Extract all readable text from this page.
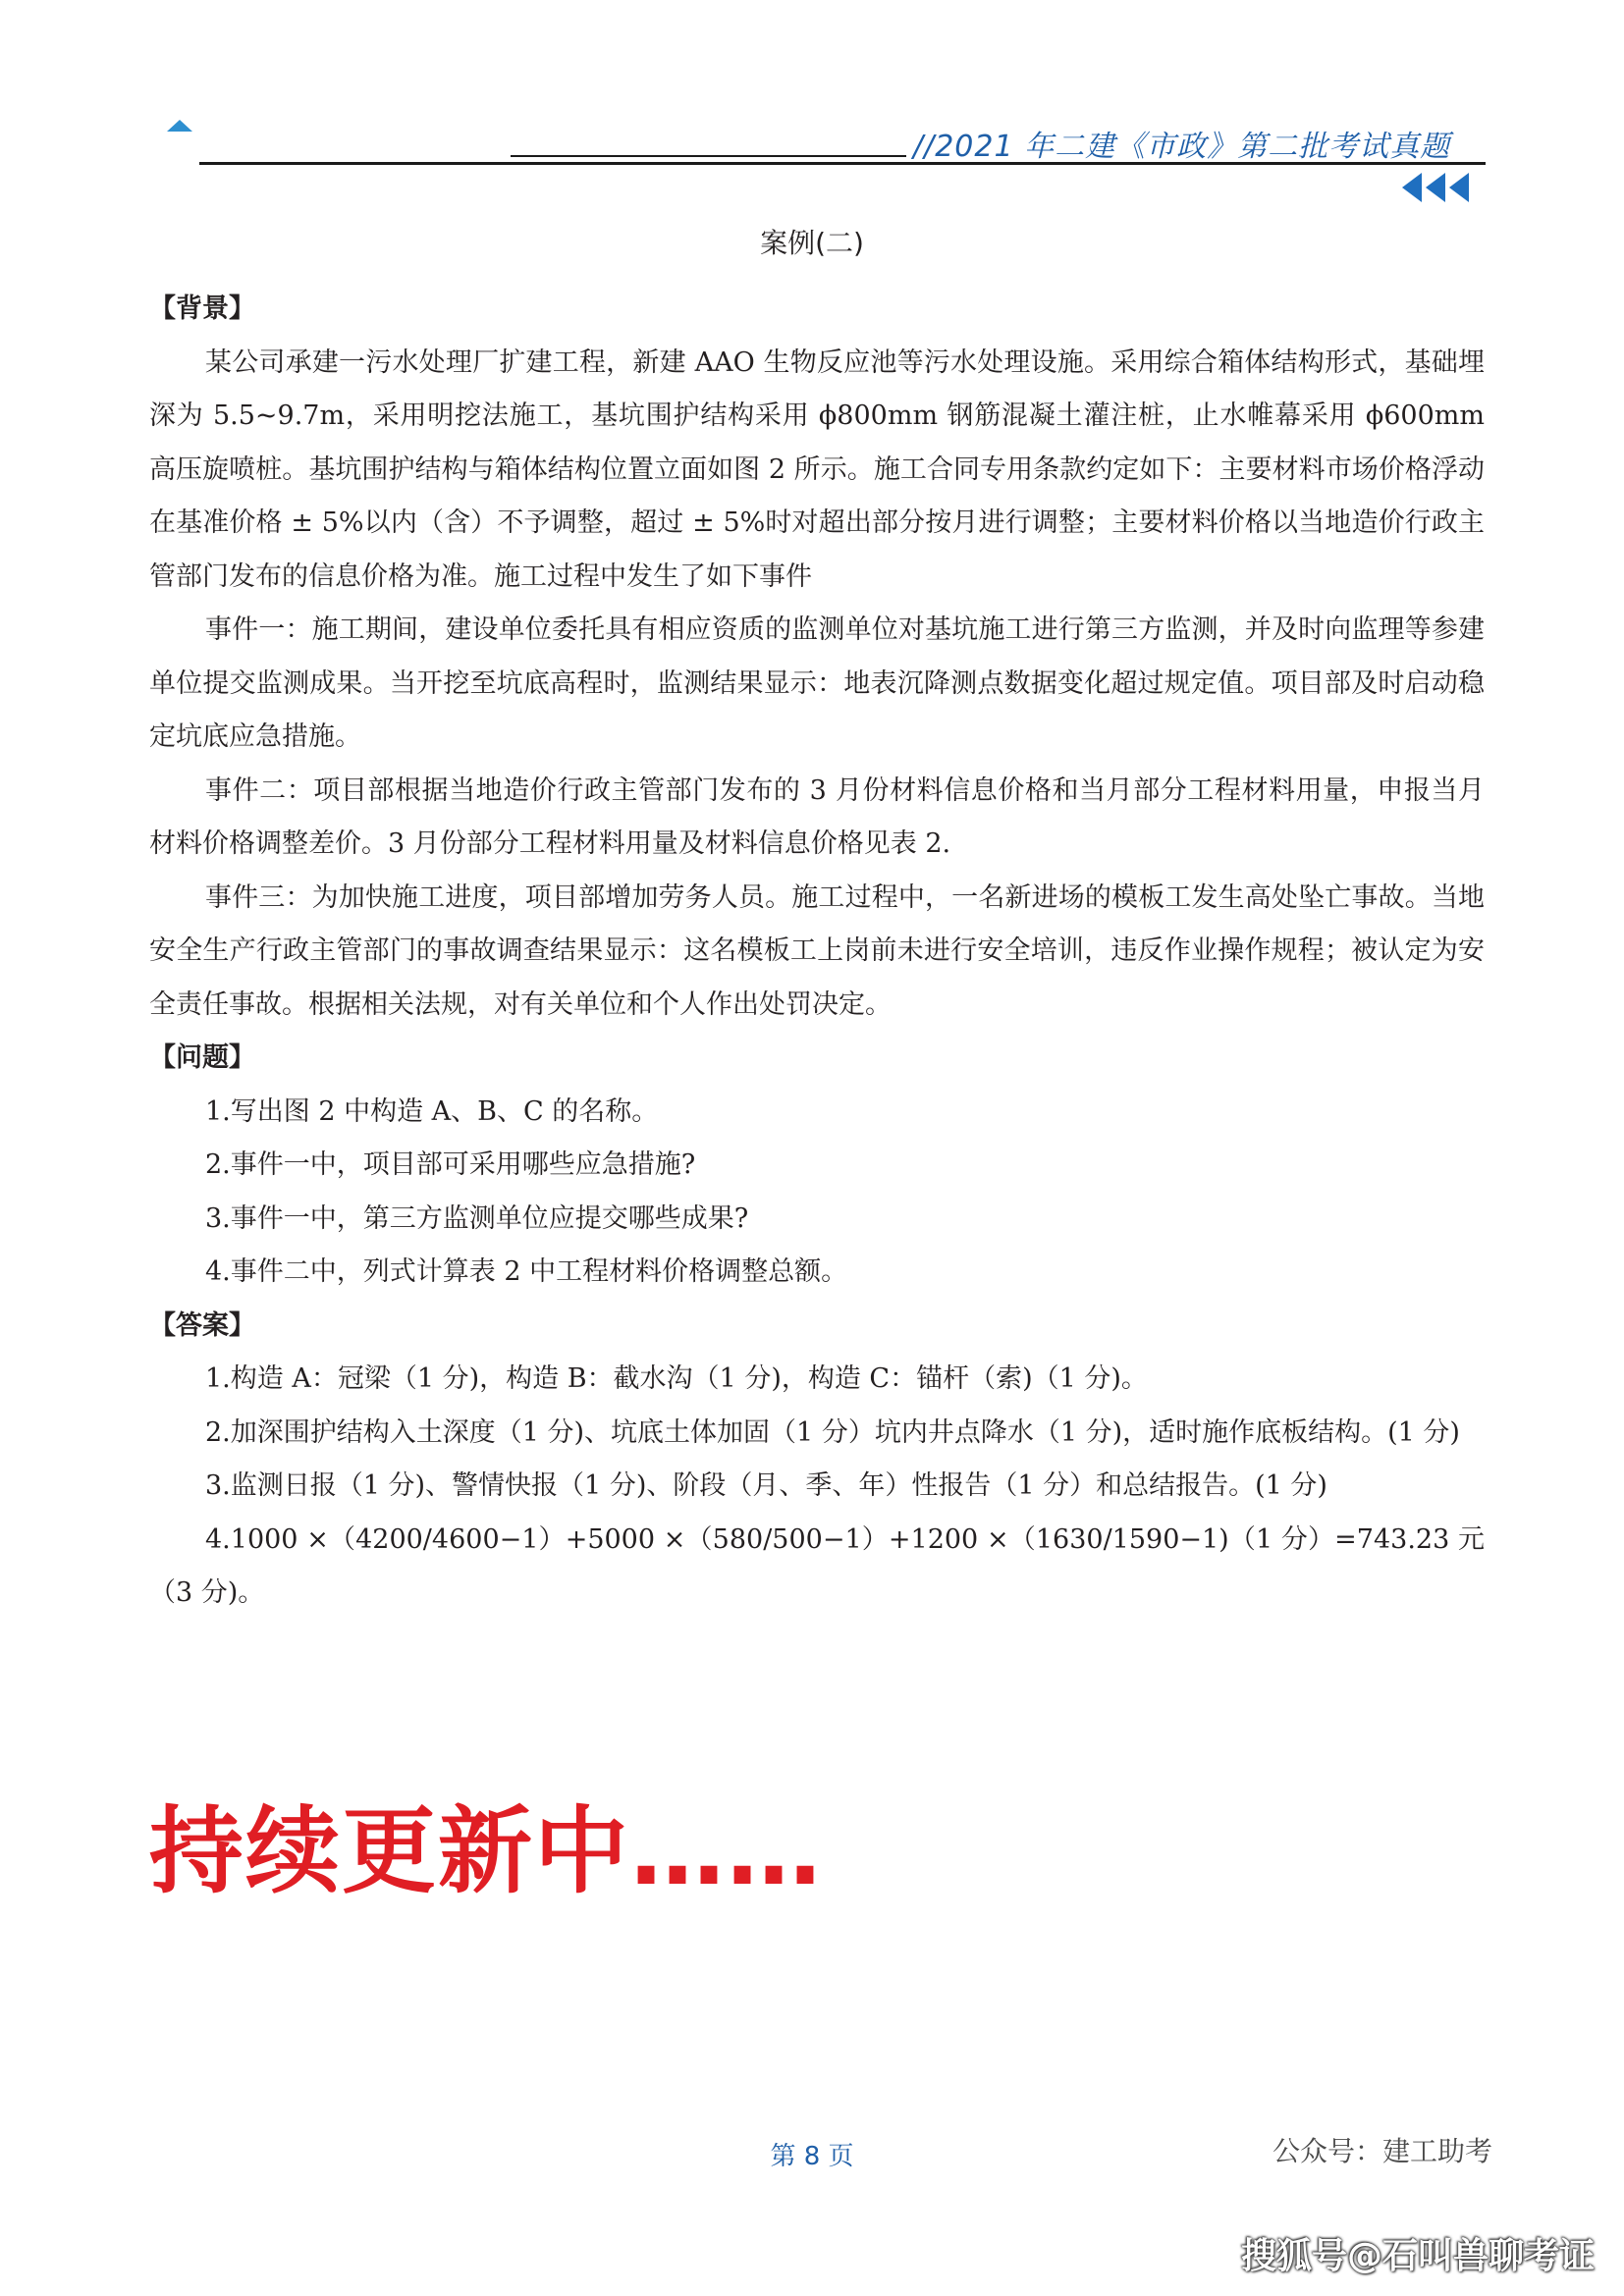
//2021 年二建《市政》第二批考试真题
案例(二)

【背景】

某公司承建一污水处理厂扩建工程，新建 AAO 生物反应池等污水处理设施。采用综合箱体结构形式，基础埋深为 5.5~9.7m，采用明挖法施工，基坑围护结构采用 ϕ800mm 钢筋混凝土灌注桩，止水帷幕采用 ϕ600mm 高压旋喷桩。基坑围护结构与箱体结构位置立面如图 2 所示。施工合同专用条款约定如下：主要材料市场价格浮动在基准价格 ± 5%以内（含）不予调整，超过 ± 5%时对超出部分按月进行调整；主要材料价格以当地造价行政主管部门发布的信息价格为准。施工过程中发生了如下事件

事件一：施工期间，建设单位委托具有相应资质的监测单位对基坑施工进行第三方监测，并及时向监理等参建单位提交监测成果。当开挖至坑底高程时，监测结果显示：地表沉降测点数据变化超过规定值。项目部及时启动稳定坑底应急措施。

事件二：项目部根据当地造价行政主管部门发布的 3 月份材料信息价格和当月部分工程材料用量，申报当月材料价格调整差价。3 月份部分工程材料用量及材料信息价格见表 2.

事件三：为加快施工进度，项目部增加劳务人员。施工过程中，一名新进场的模板工发生高处坠亡事故。当地安全生产行政主管部门的事故调查结果显示：这名模板工上岗前未进行安全培训，违反作业操作规程；被认定为安全责任事故。根据相关法规，对有关单位和个人作出处罚决定。

【问题】

1.写出图 2 中构造 A、B、C 的名称。

2.事件一中，项目部可采用哪些应急措施?

3.事件一中，第三方监测单位应提交哪些成果?

4.事件二中，列式计算表 2 中工程材料价格调整总额。

【答案】

1.构造 A：冠梁（1 分)，构造 B：截水沟（1 分)，构造 C：锚杆（索)（1 分)。

2.加深围护结构入土深度（1 分)、坑底土体加固（1 分）坑内井点降水（1 分)，适时施作底板结构。(1 分)

3.监测日报（1 分)、警情快报（1 分)、阶段（月、季、年）性报告（1 分）和总结报告。(1 分)

4.1000 ×（4200/4600−1）+5000 ×（580/500−1）+1200 ×（1630/1590−1)（1 分）=743.23 元（3 分)。

持续更新中……
第 8 页	公众号：建工助考
搜狐号@石叫兽聊考证
